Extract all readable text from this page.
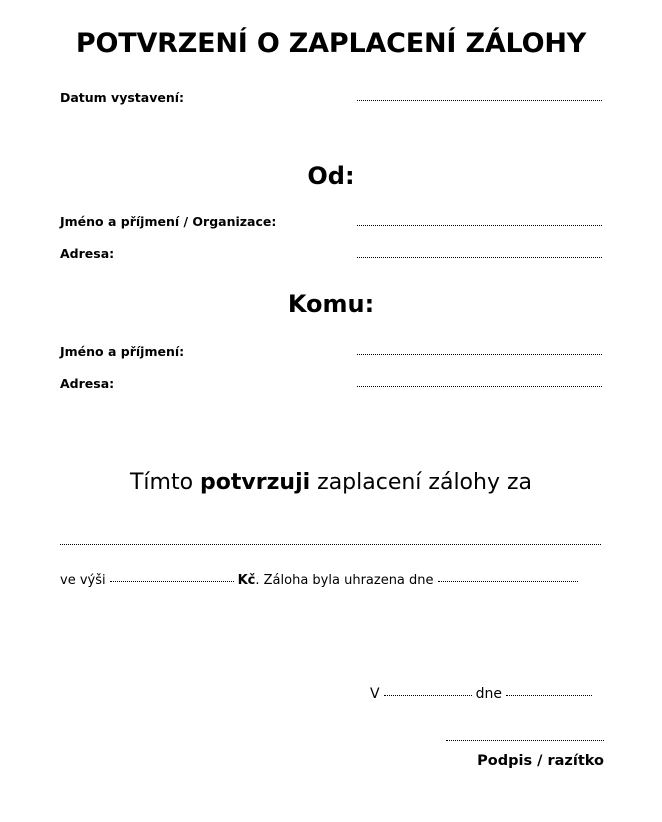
POTVRZENÍ O ZAPLACENÍ ZÁLOHY
Datum vystavení:
Od:
Jméno a příjmení / Organizace:
Adresa:
Komu:
Jméno a příjmení:
Adresa:
Tímto potvrzuji zaplacení zálohy za
ve výši	Kč . Záloha byla uhrazena dne
V	dne
Podpis / razítko
